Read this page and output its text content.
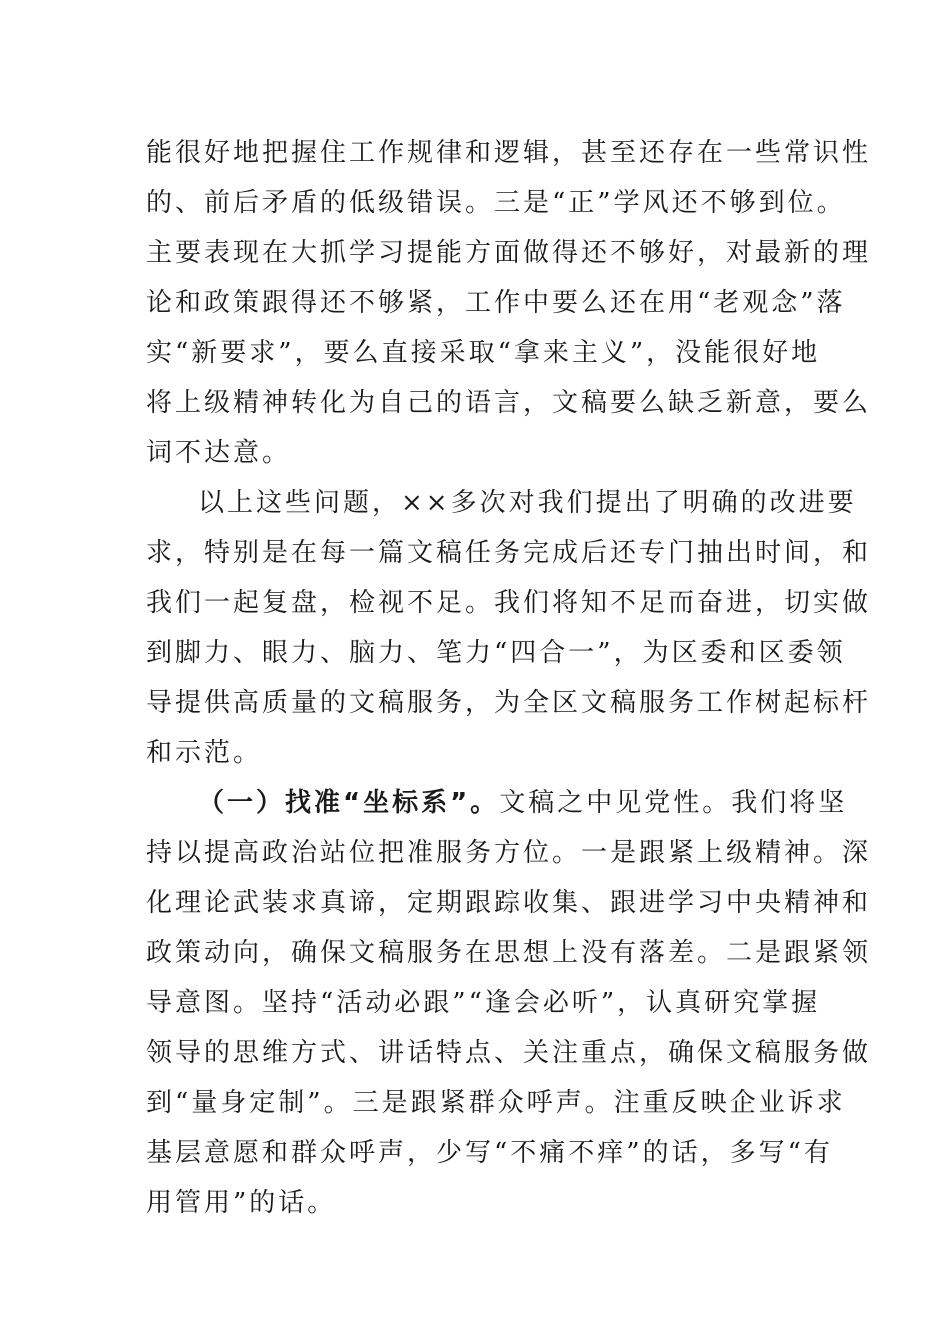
能很好地把握住工作规律和逻辑，甚至还存在一些常识性
的、前后矛盾的低级错误。三是“正”学风还不够到位。
主要表现在大抓学习提能方面做得还不够好，对最新的理
论和政策跟得还不够紧，工作中要么还在用“老观念”落
实“新要求”，要么直接采取“拿来主义”，没能很好地
将上级精神转化为自己的语言，文稿要么缺乏新意，要么
词不达意。
以上这些问题，××多次对我们提出了明确的改进要
求，特别是在每一篇文稿任务完成后还专门抽出时间，和
我们一起复盘，检视不足。我们将知不足而奋进，切实做
到脚力、眼力、脑力、笔力“四合一”，为区委和区委领
导提供高质量的文稿服务，为全区文稿服务工作树起标杆
和示范。
（一）找准“坐标系”。文稿之中见党性。我们将坚
持以提高政治站位把准服务方位。一是跟紧上级精神。深
化理论武装求真谛，定期跟踪收集、跟进学习中央精神和
政策动向，确保文稿服务在思想上没有落差。二是跟紧领
导意图。坚持“活动必跟”“逢会必听”，认真研究掌握
领导的思维方式、讲话特点、关注重点，确保文稿服务做
到“量身定制”。三是跟紧群众呼声。注重反映企业诉求
基层意愿和群众呼声，少写“不痛不痒”的话，多写“有
用管用”的话。
